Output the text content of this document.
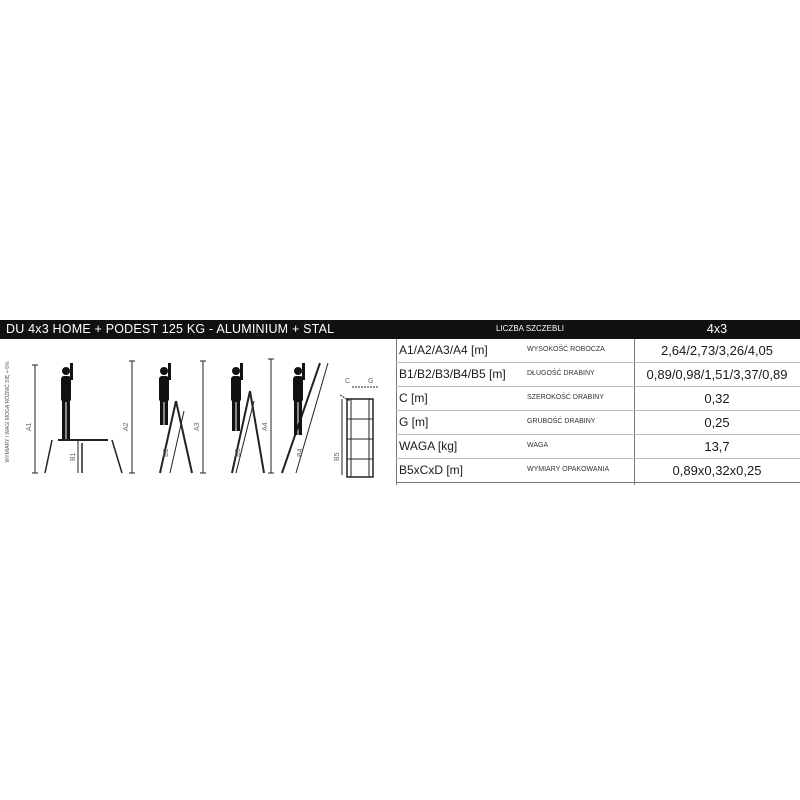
DU 4x3 HOME + PODEST 125 KG - ALUMINIUM + STAL	LICZBA SZCZEBLI	4x3
WYMIARY I WAGI MOGĄ RÓŻNIĆ SIĘ +-5% A1
B1
A2
B2
A3
B3
A4
B4
C	G
B5
A1/A2/A3/A4 [m]	WYSOKOŚĆ ROBOCZA	2,64/2,73/3,26/4,05
B1/B2/B3/B4/B5 [m]	DŁUGOŚĆ DRABINY	0,89/0,98/1,51/3,37/0,89
C [m]	SZEROKOŚĆ DRABINY	0,32
G [m]	GRUBOŚĆ DRABINY	0,25
WAGA [kg]	WAGA	13,7
B5xCxD [m]	WYMIARY OPAKOWANIA	0,89x0,32x0,25
